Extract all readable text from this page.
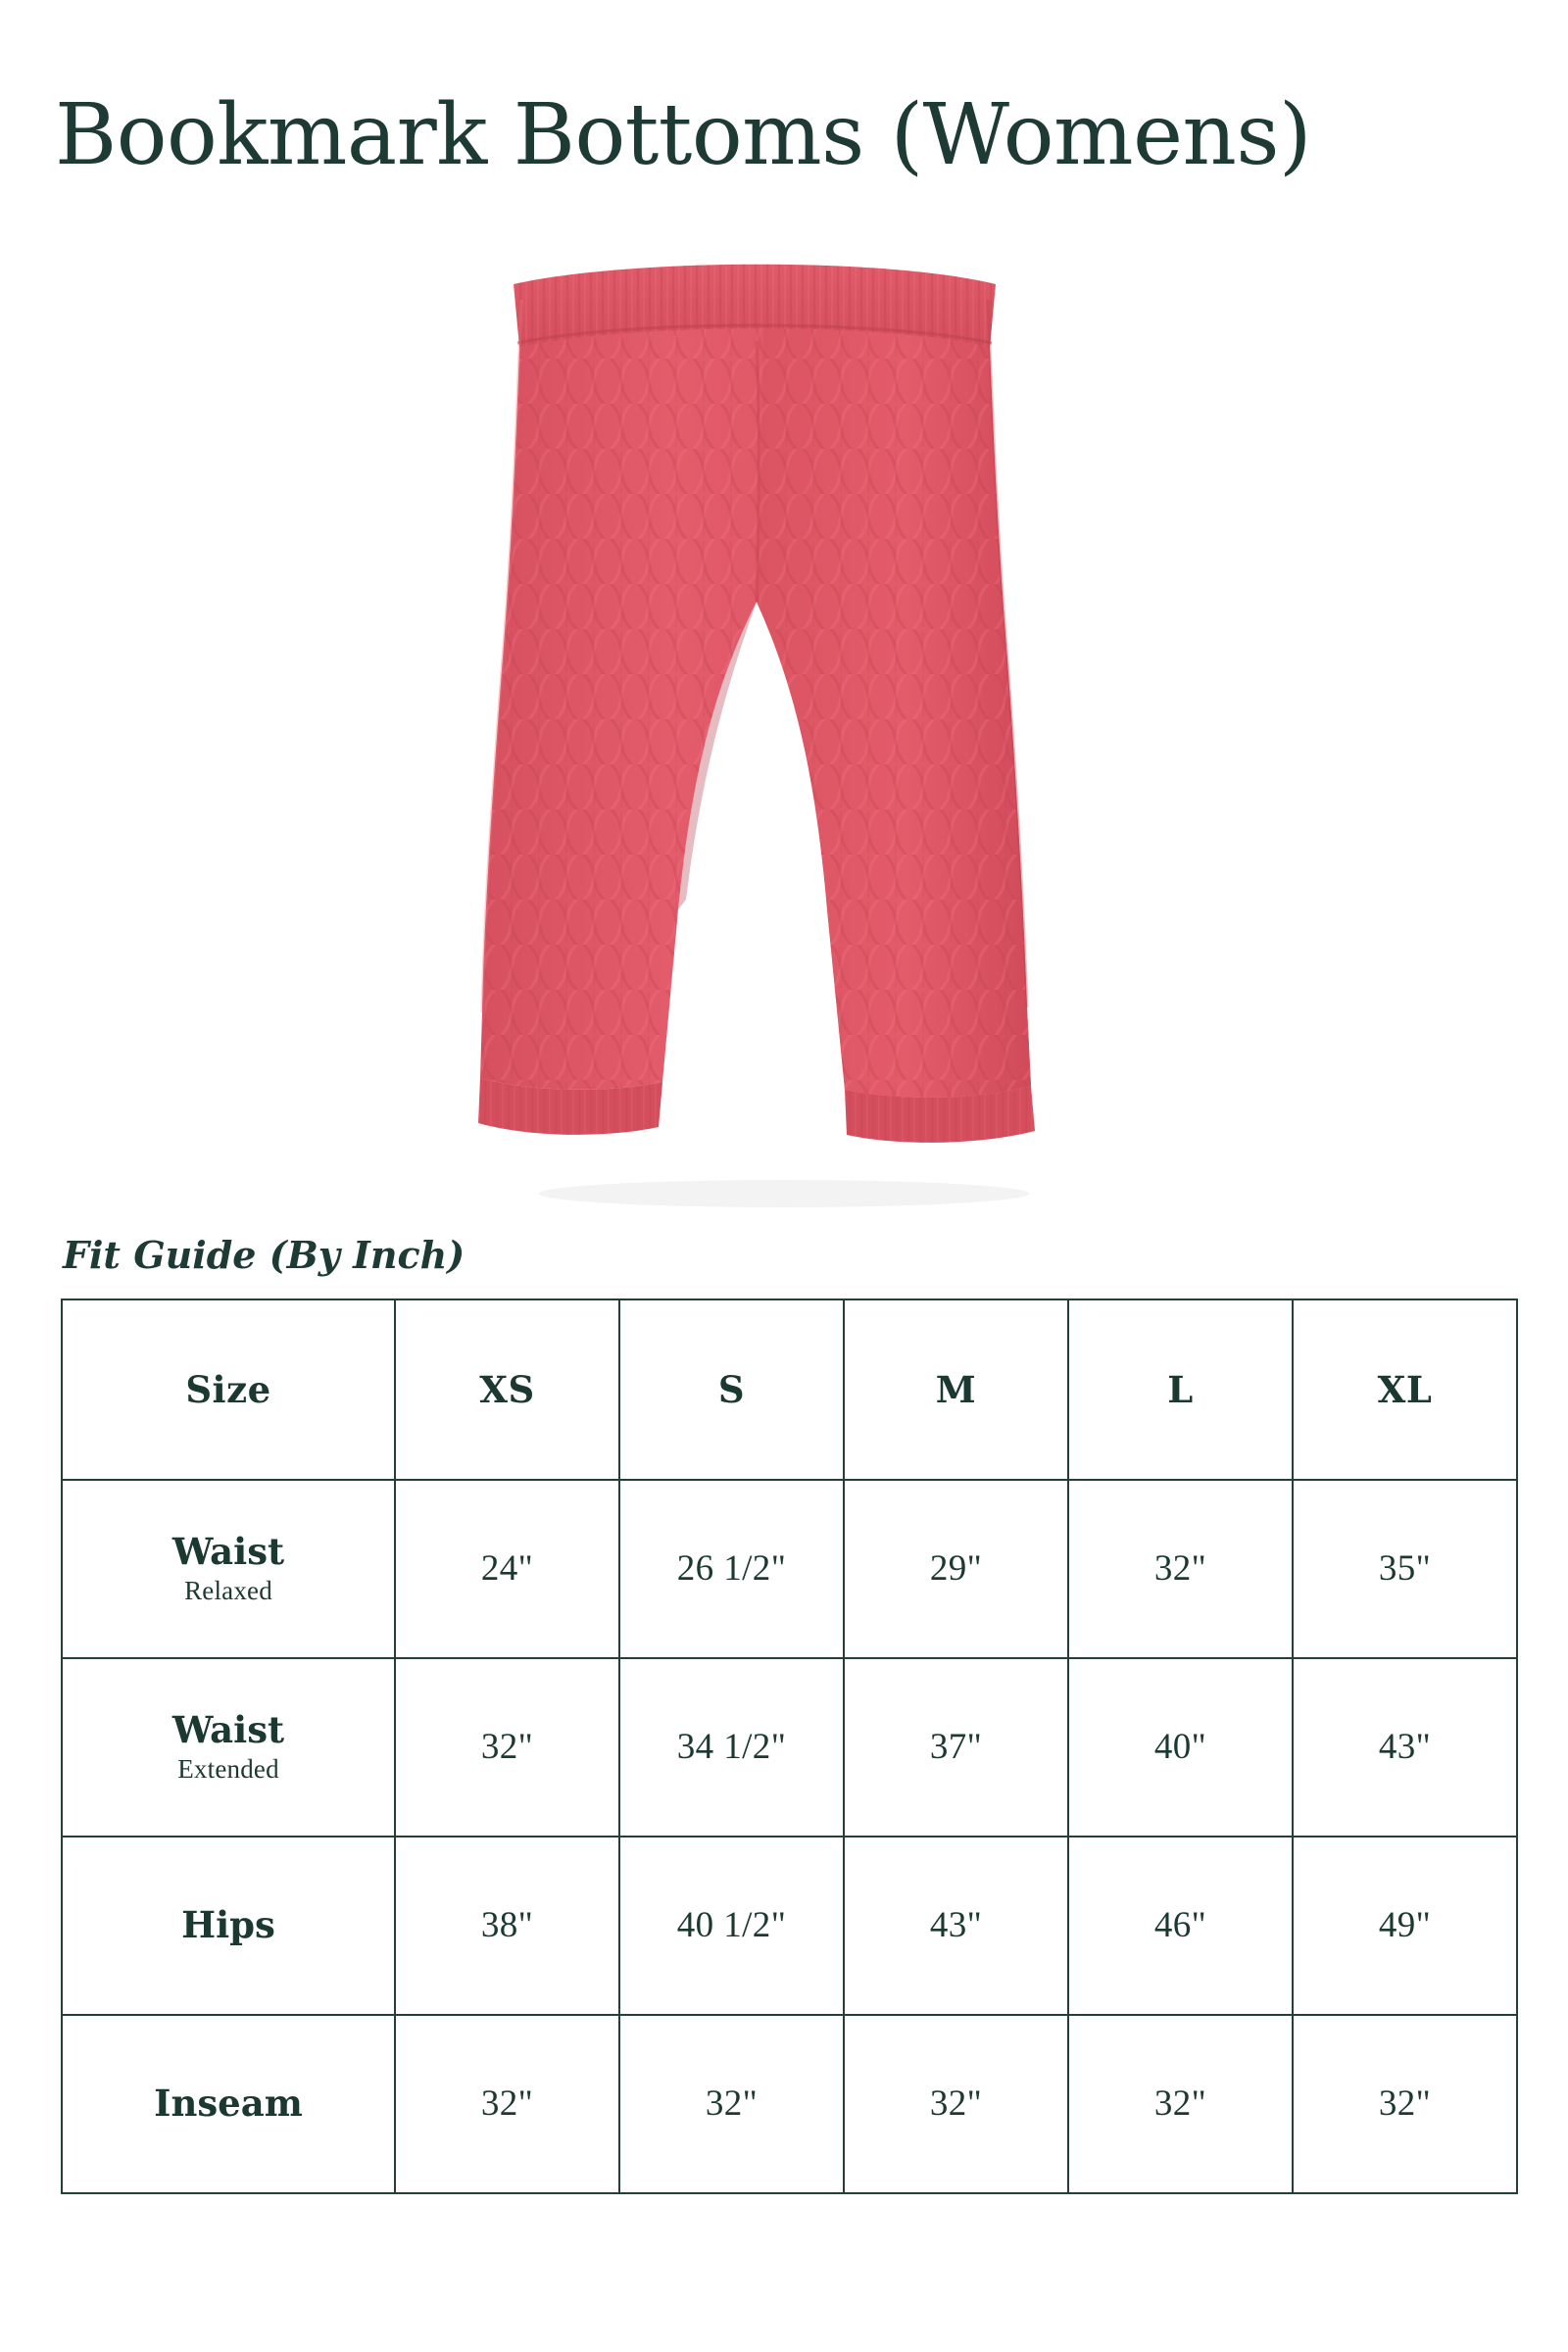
Bookmark Bottoms (Womens)
Fit Guide (By Inch)
Size	XS	S	M	L	XL
Waist
Relaxed	24"	26 1/2"	29"	32"	35"
Waist
Extended	32"	34 1/2"	37"	40"	43"
Hips	38"	40 1/2"	43"	46"	49"
Inseam	32"	32"	32"	32"	32"
